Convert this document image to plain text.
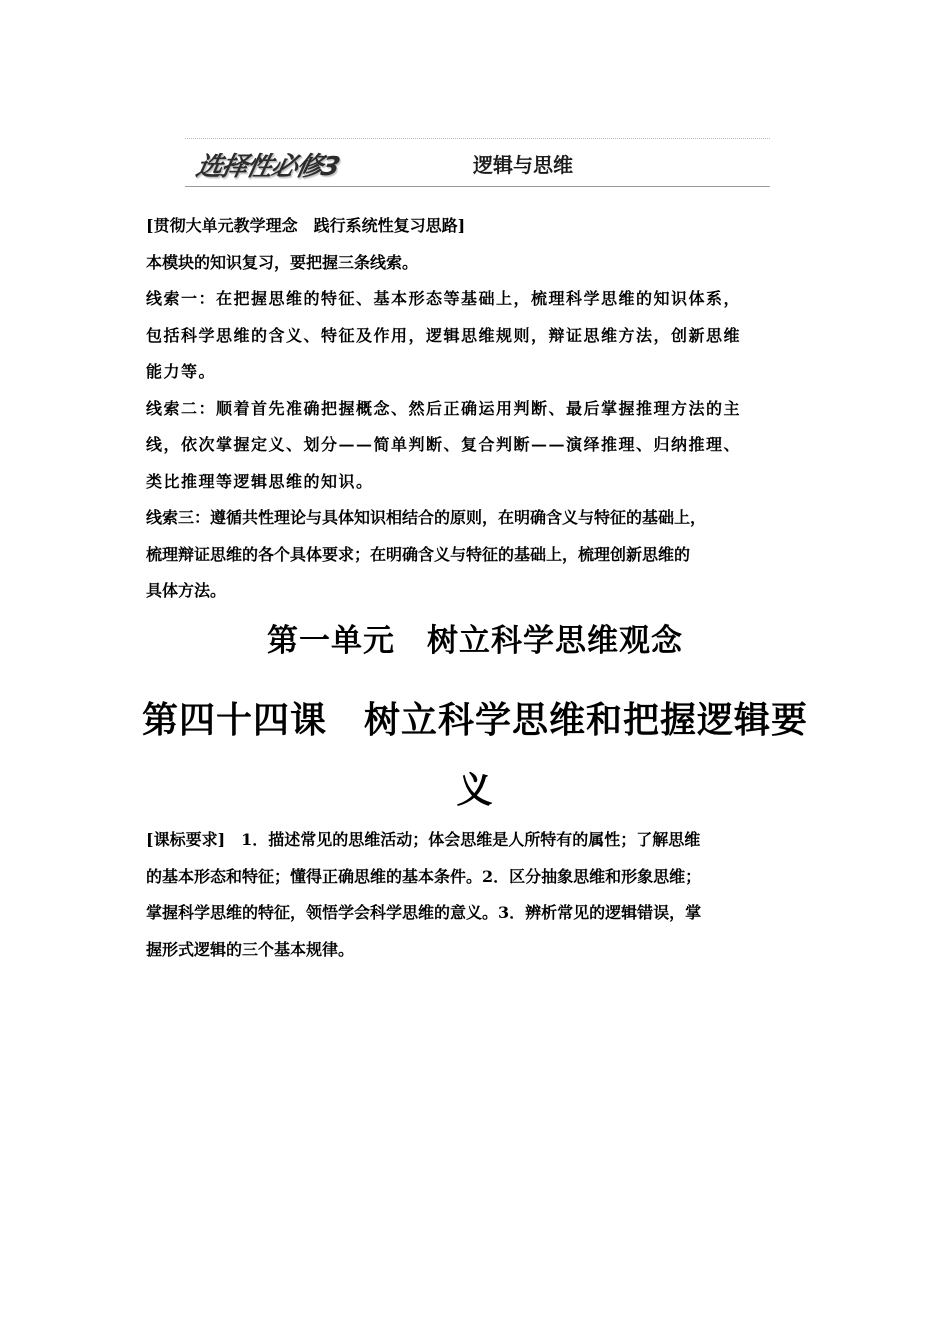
选择性必修3	逻辑与思维
[贯彻大单元教学理念　践行系统性复习思路]
本模块的知识复习，要把握三条线索。
线索一：在把握思维的特征、基本形态等基础上，梳理科学思维的知识体系，
包括科学思维的含义、特征及作用，逻辑思维规则，辩证思维方法，创新思维
能力等。
线索二：顺着首先准确把握概念、然后正确运用判断、最后掌握推理方法的主
线，依次掌握定义、划分——简单判断、复合判断——演绎推理、归纳推理、
类比推理等逻辑思维的知识。
线索三：遵循共性理论与具体知识相结合的原则，在明确含义与特征的基础上，
梳理辩证思维的各个具体要求；在明确含义与特征的基础上，梳理创新思维的
具体方法。
第一单元　树立科学思维观念
第四十四课　树立科学思维和把握逻辑要
义
[课标要求]　1．描述常见的思维活动；体会思维是人所特有的属性；了解思维
的基本形态和特征；懂得正确思维的基本条件。2．区分抽象思维和形象思维；
掌握科学思维的特征，领悟学会科学思维的意义。3．辨析常见的逻辑错误，掌
握形式逻辑的三个基本规律。
